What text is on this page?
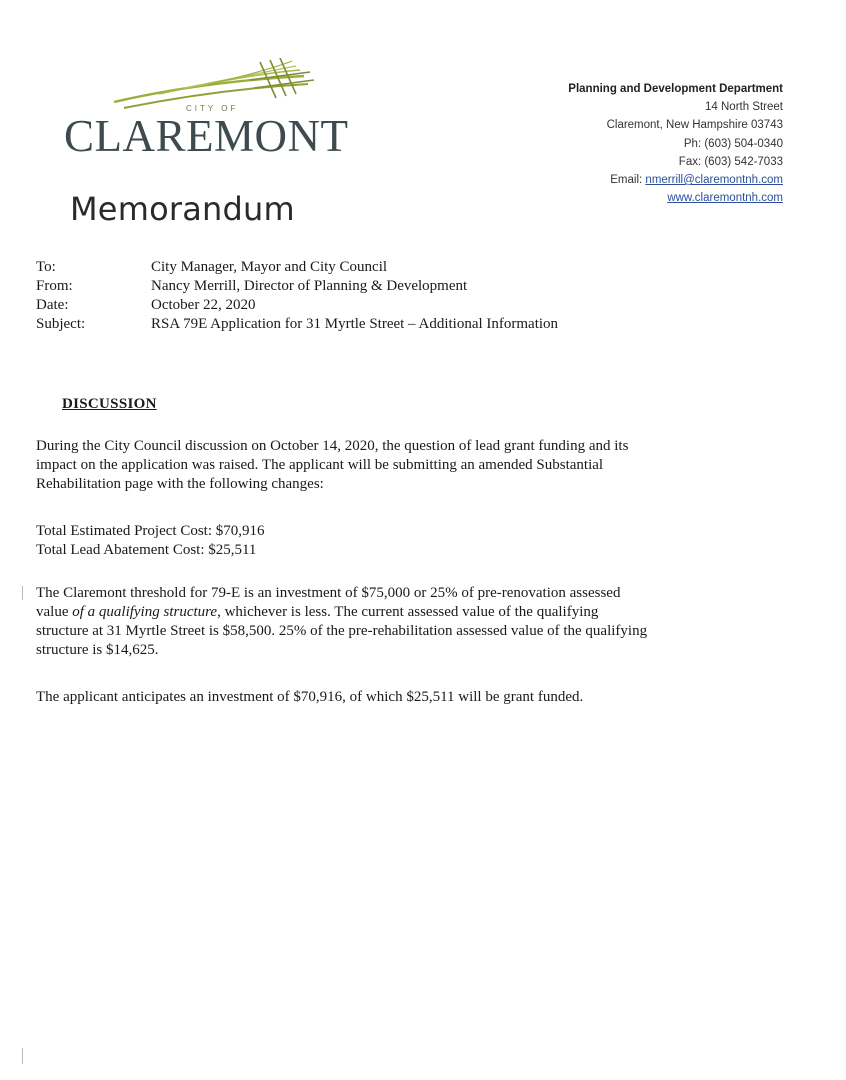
CITY OF
CLAREMONT
Planning and Development Department
14 North Street
Claremont, New Hampshire 03743
Ph: (603) 504-0340
Fax: (603) 542-7033
Email: nmerrill@claremontnh.com
www.claremontnh.com
Memorandum
To:	City Manager, Mayor and City Council
From:	Nancy Merrill, Director of Planning & Development
Date:	October 22, 2020
Subject:	RSA 79E Application for 31 Myrtle Street – Additional Information
DISCUSSION
During the City Council discussion on October 14, 2020, the question of lead grant funding and its
impact on the application was raised. The applicant will be submitting an amended Substantial
Rehabilitation page with the following changes:
Total Estimated Project Cost: $70,916
Total Lead Abatement Cost: $25,511
The Claremont threshold for 79-E is an investment of $75,000 or 25% of pre-renovation assessed
value of a qualifying structure, whichever is less. The current assessed value of the qualifying
structure at 31 Myrtle Street is $58,500. 25% of the pre-rehabilitation assessed value of the qualifying
structure is $14,625.
The applicant anticipates an investment of $70,916, of which $25,511 will be grant funded.
